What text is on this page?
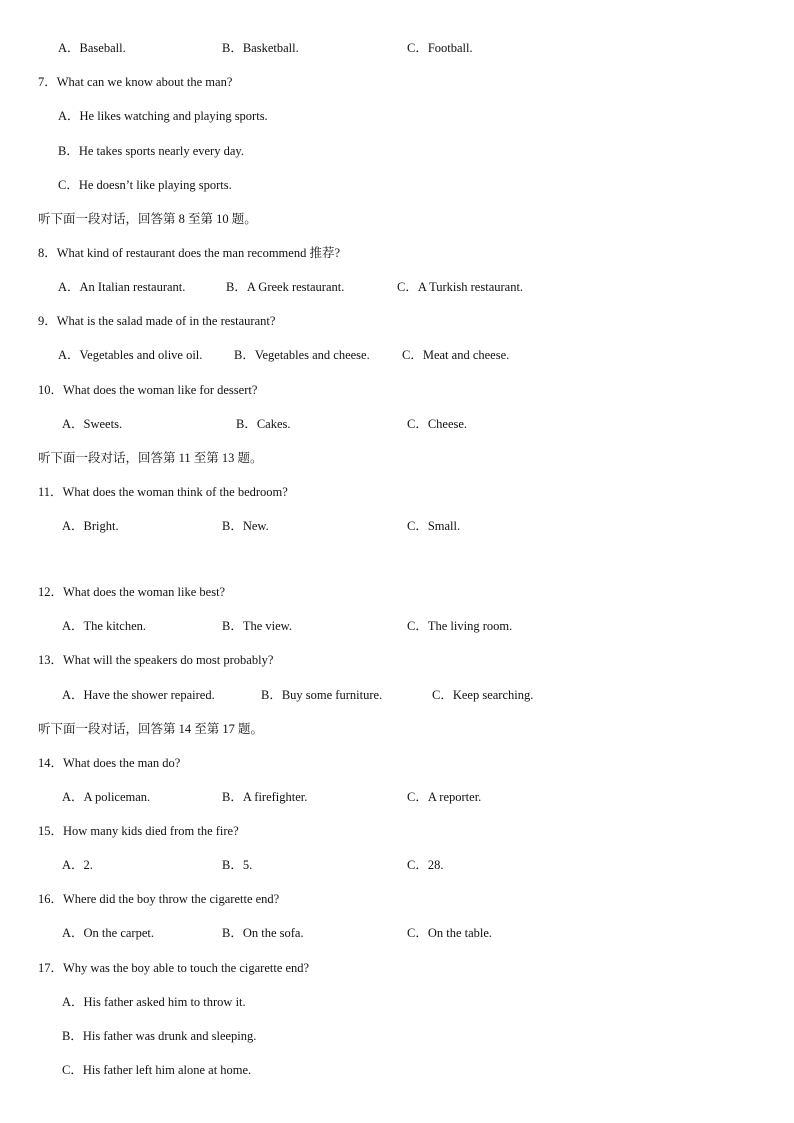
A．Baseball.	B．Basketball.	C．Football.
7．What can we know about the man?
A．He likes watching and playing sports.
B．He takes sports nearly every day.
C．He doesn’t like playing sports.
听下面一段对话，回答第 8 至第 10 题。
8．What kind of restaurant does the man recommend 推荐?
A．An Italian restaurant.	B．A Greek restaurant.	C．A Turkish restaurant.
9．What is the salad made of in the restaurant?
A．Vegetables and olive oil.	B．Vegetables and cheese.	C．Meat and cheese.
10．What does the woman like for dessert?
A．Sweets.	B．Cakes.	C．Cheese.
听下面一段对话，回答第 11 至第 13 题。
11．What does the woman think of the bedroom?
A．Bright.	B．New.	C．Small.
12．What does the woman like best?
A．The kitchen.	B．The view.	C．The living room.
13．What will the speakers do most probably?
A．Have the shower repaired.	B．Buy some furniture.	C．Keep searching.
听下面一段对话，回答第 14 至第 17 题。
14．What does the man do?
A．A policeman.	B．A firefighter.	C．A reporter.
15．How many kids died from the fire?
A．2.	B．5.	C．28.
16．Where did the boy throw the cigarette end?
A．On the carpet.	B．On the sofa.	C．On the table.
17．Why was the boy able to touch the cigarette end?
A．His father asked him to throw it.
B．His father was drunk and sleeping.
C．His father left him alone at home.
